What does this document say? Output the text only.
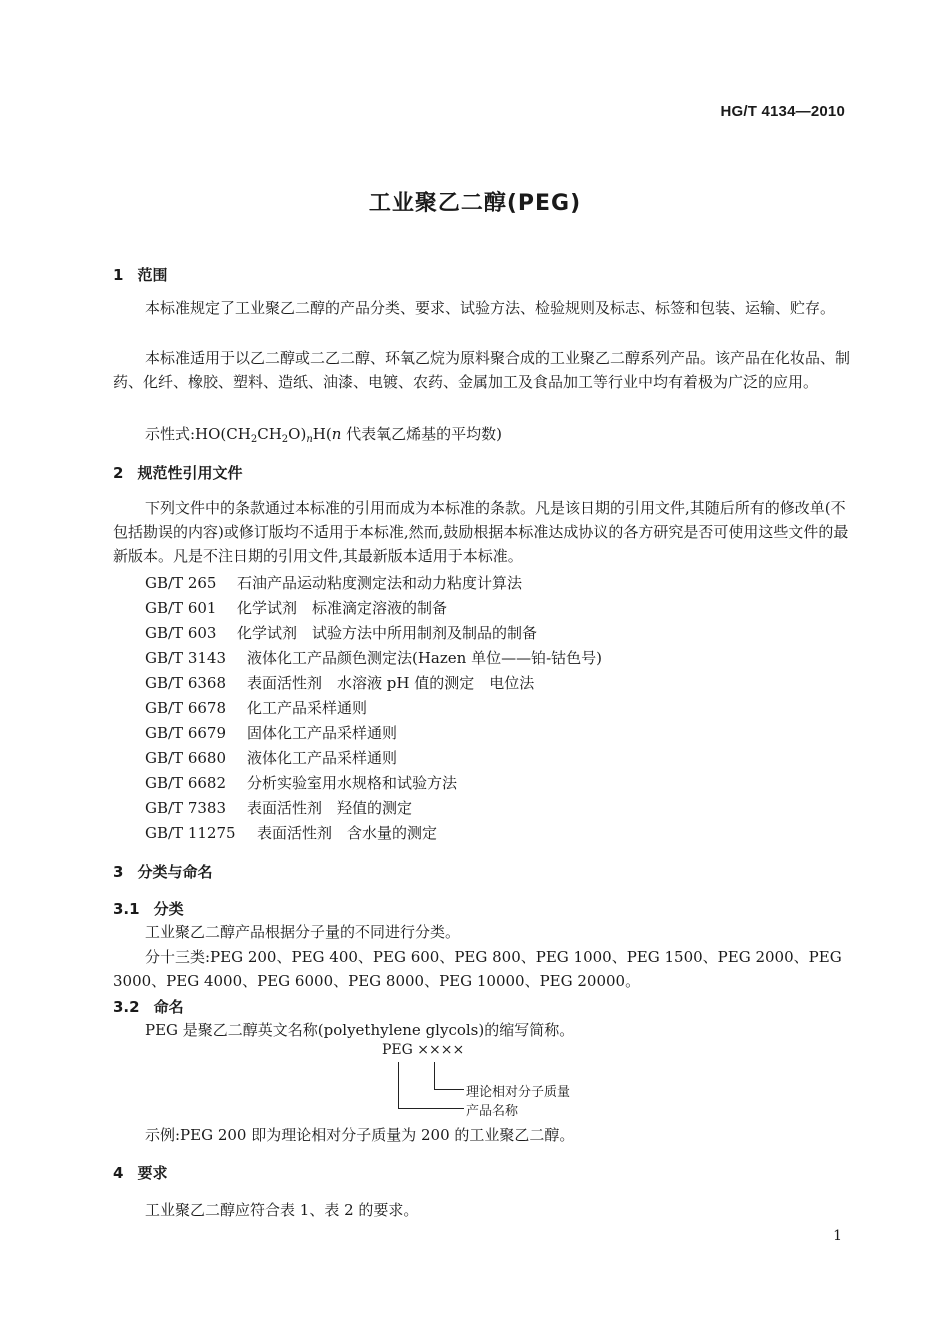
HG/T 4134—2010
工业聚乙二醇(PEG)
1 范围
本标准规定了工业聚乙二醇的产品分类、要求、试验方法、检验规则及标志、标签和包装、运输、贮存。
本标准适用于以乙二醇或二乙二醇、环氧乙烷为原料聚合成的工业聚乙二醇系列产品。该产品在化妆品、制药、化纤、橡胶、塑料、造纸、油漆、电镀、农药、金属加工及食品加工等行业中均有着极为广泛的应用。
示性式$:HO(CH_2CH_2O)_nH(n$ 代表氧乙烯基的平均数)
2 规范性引用文件
下列文件中的条款通过本标准的引用而成为本标准的条款。凡是该日期的引用文件,其随后所有的修改单(不包括勘误的内容)或修订版均不适用于本标准,然而,鼓励根据本标准达成协议的各方研究是否可使用这些文件的最新版本。凡是不注日期的引用文件,其最新版本适用于本标准。
GB/T 265 石油产品运动粘度测定法和动力粘度计算法
GB/T 601 化学试剂　标准滴定溶液的制备
GB/T 603 化学试剂　试验方法中所用制剂及制品的制备
GB/T 3143 液体化工产品颜色测定法(Hazen 单位——铂-钴色号)
GB/T 6368 表面活性剂　水溶液 pH 值的测定　电位法
GB/T 6678 化工产品采样通则
GB/T 6679 固体化工产品采样通则
GB/T 6680 液体化工产品采样通则
GB/T 6682 分析实验室用水规格和试验方法
GB/T 7383 表面活性剂　羟值的测定
GB/T 11275 表面活性剂　含水量的测定
3 分类与命名
3.1 分类
工业聚乙二醇产品根据分子量的不同进行分类。
分十三类:PEG 200、PEG 400、PEG 600、PEG 800、PEG 1000、PEG 1500、PEG 2000、PEG 3000、PEG 4000、PEG 6000、PEG 8000、PEG 10000、PEG 20000。
3.2 命名
PEG 是聚乙二醇英文名称(polyethylene glycols)的缩写简称。
PEG ××××
理论相对分子质量
产品名称
示例:PEG 200 即为理论相对分子质量为 200 的工业聚乙二醇。
4 要求
工业聚乙二醇应符合表 1、表 2 的要求。
1
